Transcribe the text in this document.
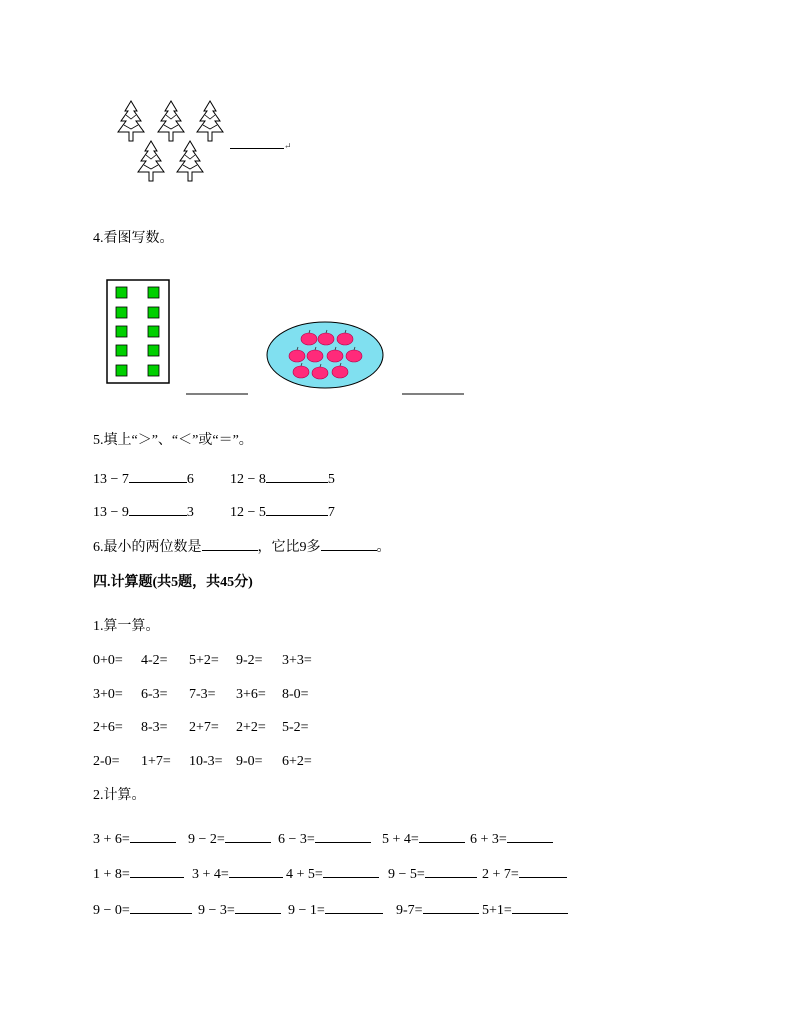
↵
4.看图写数。
5.填上“＞”、“＜”或“＝”。
13 − 7	6	12 − 8	5
13 − 9	3	12 − 5	7
6.最小的两位数是	，它比9多	。
四.计算题(共5题，共45分)
1.算一算。
0+0= 4-2= 5+2= 9-2= 3+3=
3+0= 6-3= 7-3= 3+6= 8-0=
2+6= 8-3= 2+7= 2+2= 5-2=
2-0= 1+7= 10-3= 9-0= 6+2=
2.计算。
3 + 6=	9 − 2=	6 − 3=	5 + 4=	6 + 3=
1 + 8=	3 + 4=	4 + 5=	9 − 5=	2 + 7=
9 − 0=	9 − 3=	9 − 1=	9-7=	5+1=
